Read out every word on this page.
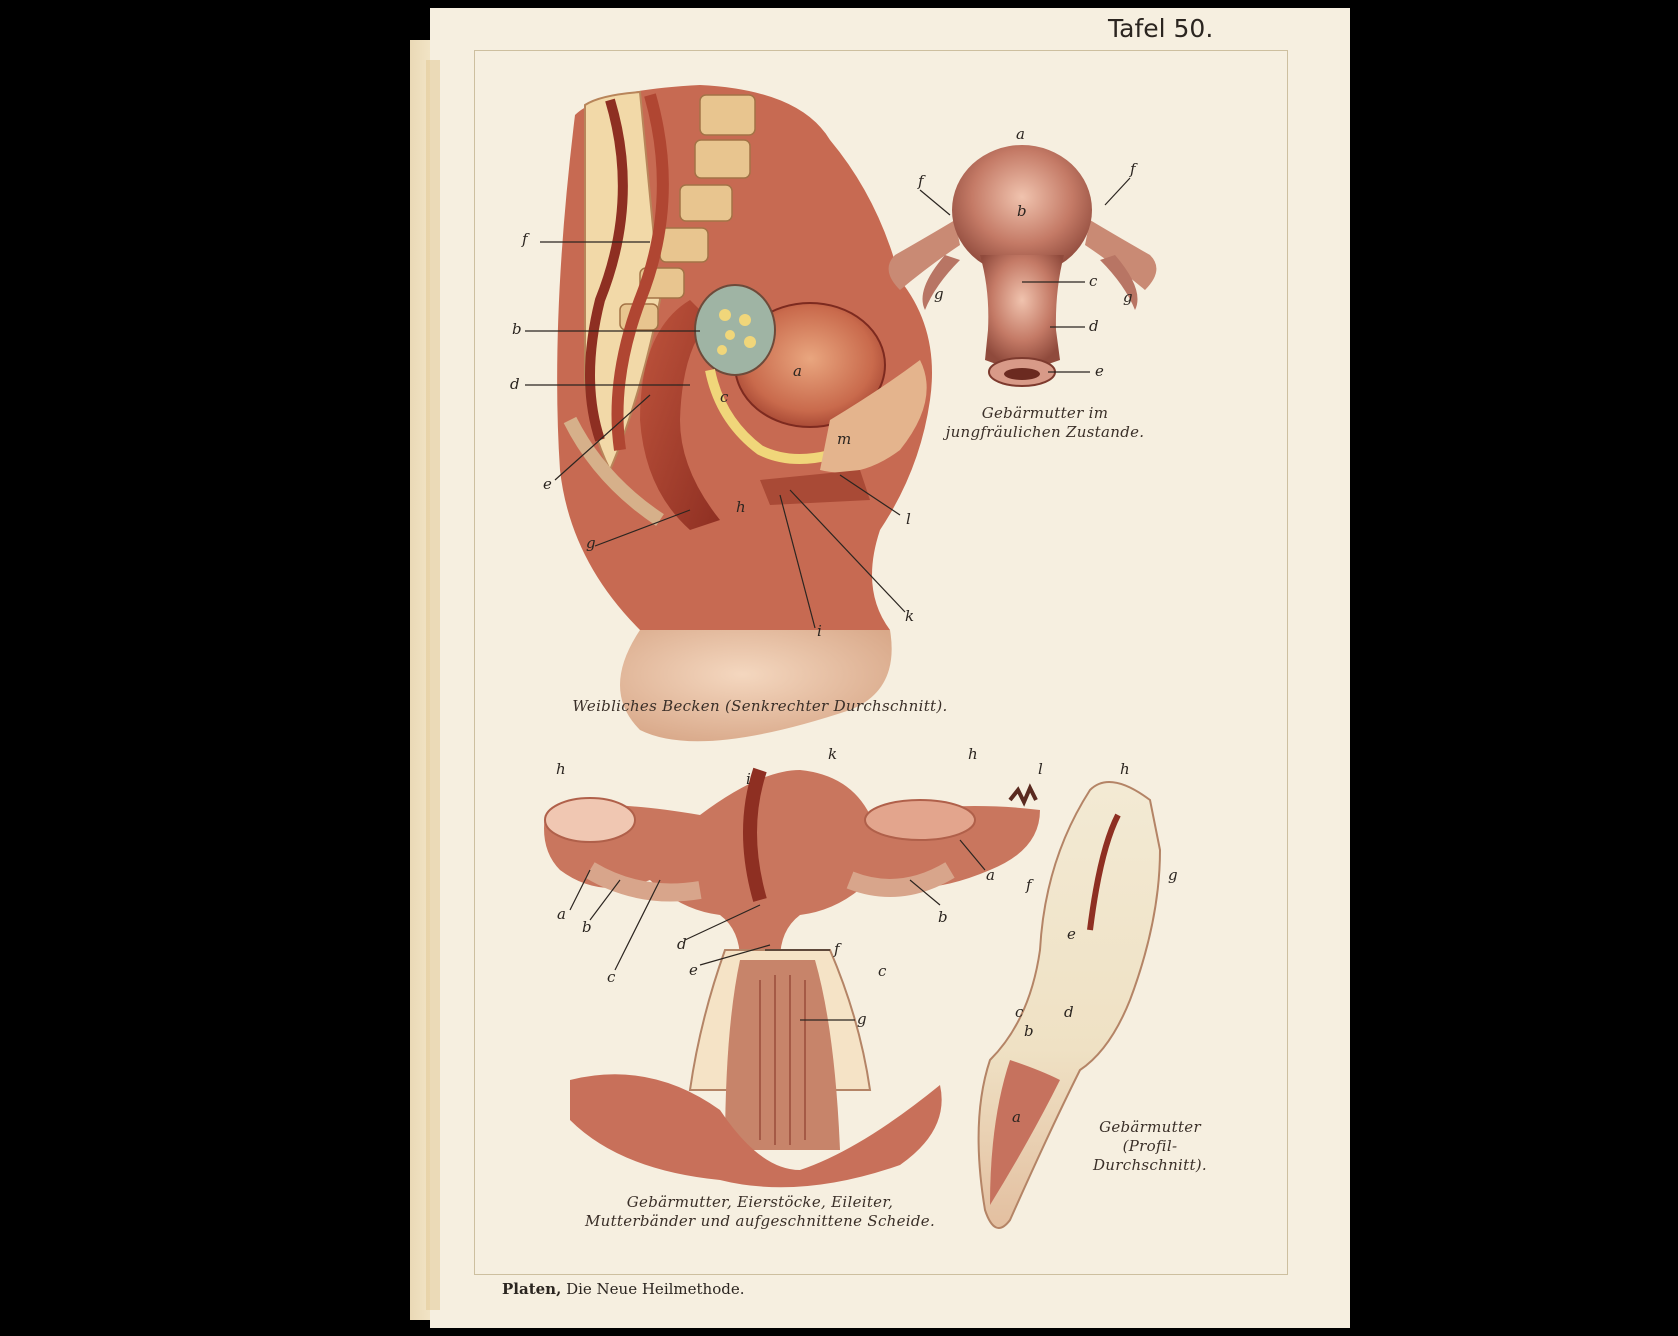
Tafel 50.
f
b
d
e
g
h
a
m
l
k
i
c
a
b
f
f
g	g
c
d
e
h
i
k	h
l
a
b
c
d
e
f
g
a
b
c
h
g
f
e
c
b
d
a
Weibliches Becken (Senkrechter Durchschnitt).
Gebärmutter im
jungfräulichen Zustande.
Gebärmutter, Eierstöcke, Eileiter,
Mutterbänder und aufgeschnittene Scheide.
Gebärmutter
(Profil-
Durchschnitt).
Platen, Die Neue Heilmethode.
